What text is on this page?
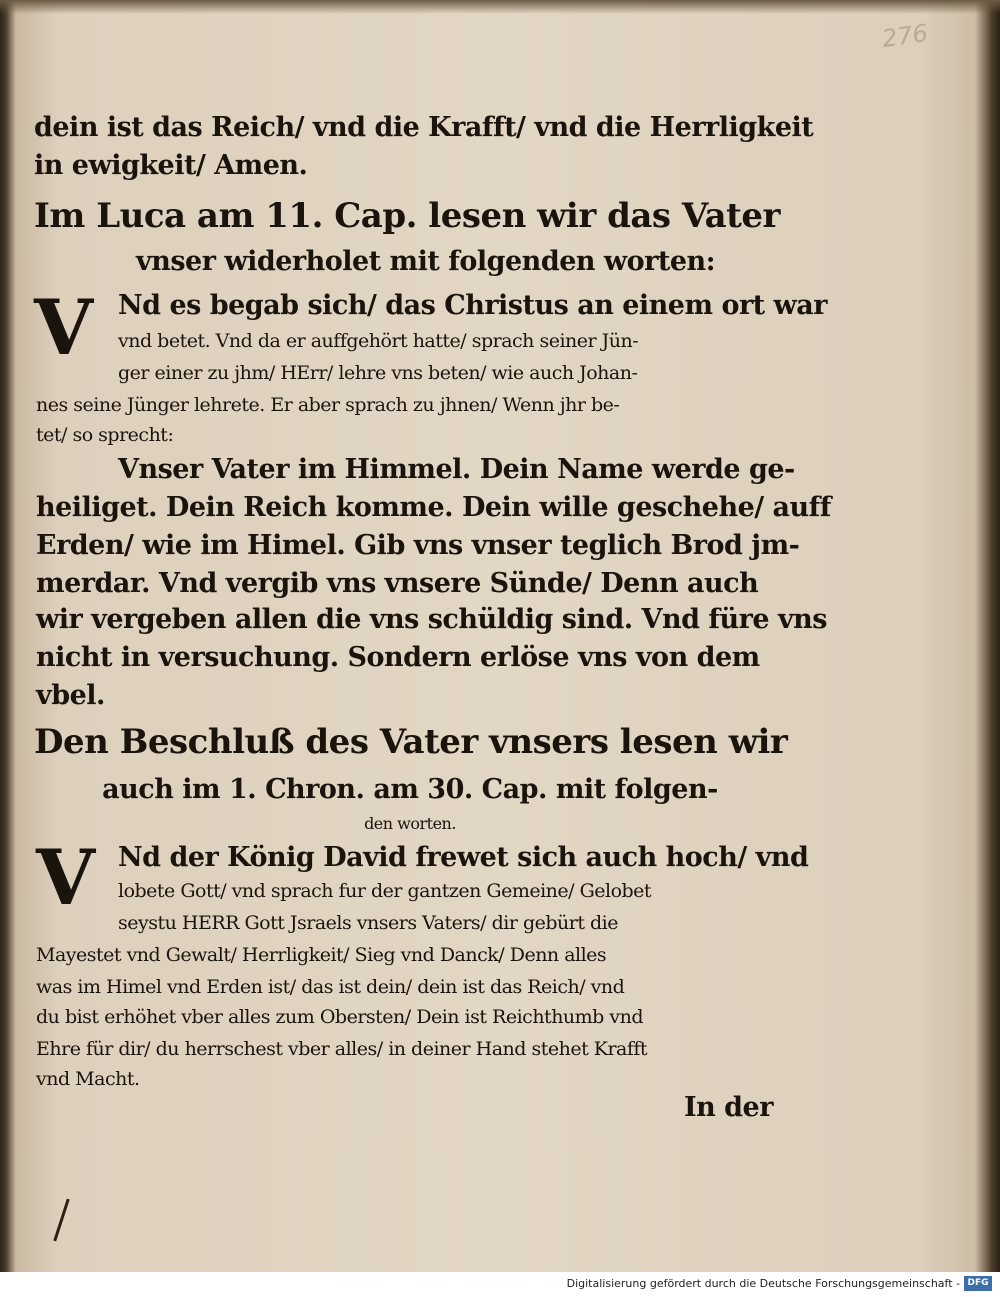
276
dein ist das Reich/ vnd die Krafft/ vnd die Herrligkeit
in ewigkeit/ Amen.
Im Luca am 11. Cap. lesen wir das Vater
vnser widerholet mit folgenden worten:
V Nd es begab sich/ das Christus an einem ort war
vnd betet. Vnd da er auffgehört hatte/ sprach seiner Jün-
ger einer zu jhm/ HErr/ lehre vns beten/ wie auch Johan-
nes seine Jünger lehrete. Er aber sprach zu jhnen/ Wenn jhr be-
tet/ so sprecht:
Vnser Vater im Himmel. Dein Name werde ge-
heiliget. Dein Reich komme. Dein wille geschehe/ auff
Erden/ wie im Himel. Gib vns vnser teglich Brod jm-
merdar. Vnd vergib vns vnsere Sünde/ Denn auch
wir vergeben allen die vns schüldig sind. Vnd füre vns
nicht in versuchung. Sondern erlöse vns von dem
vbel.
Den Beschluß des Vater vnsers lesen wir
auch im 1. Chron. am 30. Cap. mit folgen-
den worten.
V Nd der König David frewet sich auch hoch/ vnd
lobete Gott/ vnd sprach fur der gantzen Gemeine/ Gelobet
seystu HERR Gott Jsraels vnsers Vaters/ dir gebürt die
Mayestet vnd Gewalt/ Herrligkeit/ Sieg vnd Danck/ Denn alles
was im Himel vnd Erden ist/ das ist dein/ dein ist das Reich/ vnd
du bist erhöhet vber alles zum Obersten/ Dein ist Reichthumb vnd
Ehre für dir/ du herrschest vber alles/ in deiner Hand stehet Krafft
vnd Macht.
In der
Digitalisierung gefördert durch die Deutsche Forschungsgemeinschaft - DFG
